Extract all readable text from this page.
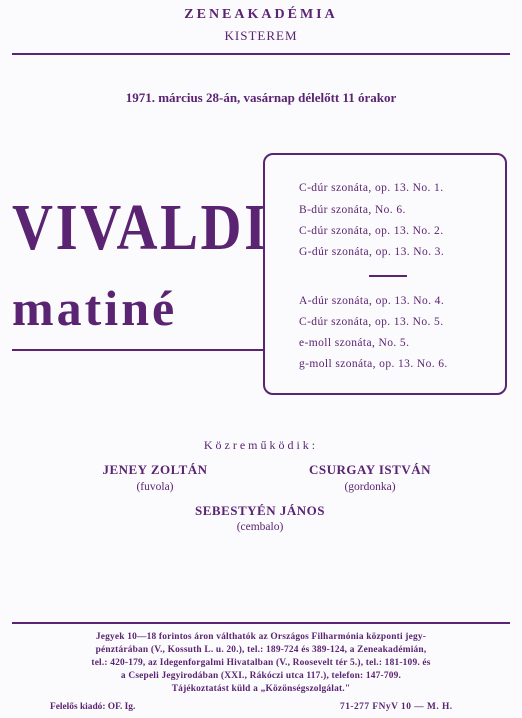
ZENEAKADÉMIA
KISTEREM
1971. március 28-án, vasárnap délelőtt 11 órakor
VIVALDI
matiné
C-dúr szonáta, op. 13. No. 1.
B-dúr szonáta, No. 6.
C-dúr szonáta, op. 13. No. 2.
G-dúr szonáta, op. 13. No. 3.
A-dúr szonáta, op. 13. No. 4.
C-dúr szonáta, op. 13. No. 5.
e-moll szonáta, No. 5.
g-moll szonáta, op. 13. No. 6.
Közreműködik:
JENEY ZOLTÁN
(fuvola)
CSURGAY ISTVÁN
(gordonka)
SEBESTYÉN JÁNOS
(cembalo)
Jegyek 10—18 forintos áron válthatók az Országos Filharmónia központi jegy-
pénztárában (V., Kossuth L. u. 20.), tel.: 189-724 és 389-124, a Zeneakadémián,
tel.: 420-179, az Idegenforgalmi Hivatalban (V., Roosevelt tér 5.), tel.: 181-109. és
a Csepeli Jegyirodában (XXI., Rákóczi utca 117.), telefon: 147-709.
Tájékoztatást küld a „Közönségszolgálat."
Felelős kiadó: OF. Ig.	71-277 FNyV 10 — M. H.
